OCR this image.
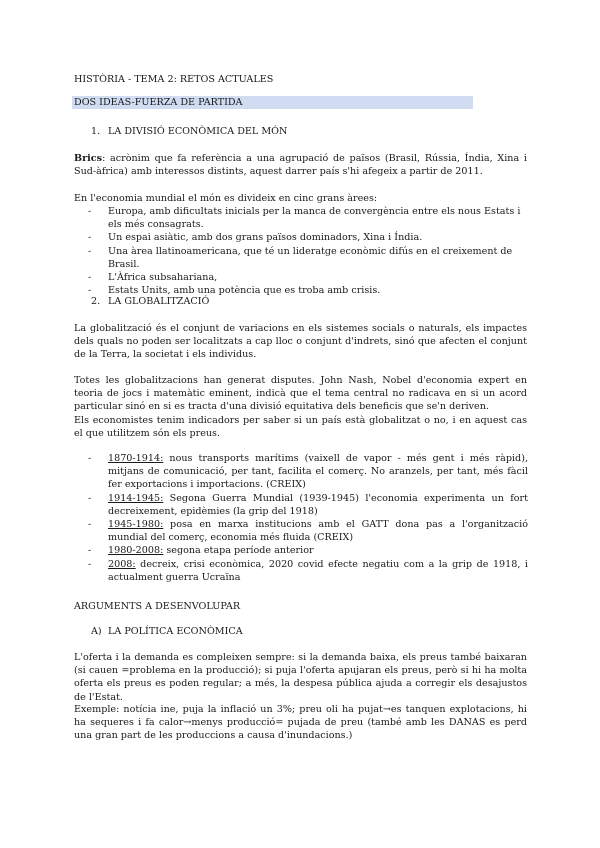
HISTÒRIA - TEMA 2: RETOS ACTUALES
DOS IDEAS-FUERZA DE PARTIDA
1. LA DIVISIÓ ECONÒMICA DEL MÓN
Brics: acrònim que fa referència a una agrupació de països (Brasil, Rússia, Índia, Xina i Sud-àfrica) amb interessos distints, aquest darrer país s'hi afegeix a partir de 2011.
En l'economia mundial el món es divideix en cinc grans àrees:
- Europa, amb dificultats inicials per la manca de convergència entre els nous Estats i els més consagrats.
- Un espai asiàtic, amb dos grans països dominadors, Xina i Índia.
- Una àrea llatinoamericana, que té un lideratge econòmic difús en el creixement de Brasil.
- L'Àfrica subsahariana,
- Estats Units, amb una potència que es troba amb crisis.
2. LA GLOBALITZACIÓ
La globalització és el conjunt de variacions en els sistemes socials o naturals, els impactes dels quals no poden ser localitzats a cap lloc o conjunt d'indrets, sinó que afecten el conjunt de la Terra, la societat i els individus.
Totes les globalitzacions han generat disputes. John Nash, Nobel d'economia expert en teoria de jocs i matemàtic eminent, indicà que el tema central no radicava en si un acord particular sinó en si es tracta d'una divisió equitativa dels beneficis que se'n deriven.
Els economistes tenim indicadors per saber si un país està globalitzat o no, i en aquest cas el que utilitzem són els preus.
- 1870-1914: nous transports marítims (vaixell de vapor - més gent i més ràpid), mitjans de comunicació, per tant, facilita el comerç. No aranzels, per tant, més fàcil fer exportacions i importacions. (CREIX)
- 1914-1945: Segona Guerra Mundial (1939-1945) l'economia experimenta un fort decreixement, epidèmies (la grip del 1918)
- 1945-1980: posa en marxa institucions amb el GATT dona pas a l'organització mundial del comerç, economia més fluida (CREIX)
- 1980-2008: segona etapa període anterior
- 2008: decreix, crisi econòmica, 2020 covid efecte negatiu com a la grip de 1918, i actualment guerra Ucraïna
ARGUMENTS A DESENVOLUPAR
A) LA POLÍTICA ECONÒMICA
L'oferta i la demanda es compleixen sempre: si la demanda baixa, els preus també baixaran (si cauen =problema en la producció); si puja l'oferta apujaran els preus, però si hi ha molta oferta els preus es poden regular; a més, la despesa pública ajuda a corregir els desajustos de l'Estat.
Exemple: notícia ine, puja la inflació un 3%; preu oli ha pujat→es tanquen explotacions, hi ha sequeres i fa calor→menys producció= pujada de preu (també amb les DANAS es perd una gran part de les produccions a causa d'inundacions.)
